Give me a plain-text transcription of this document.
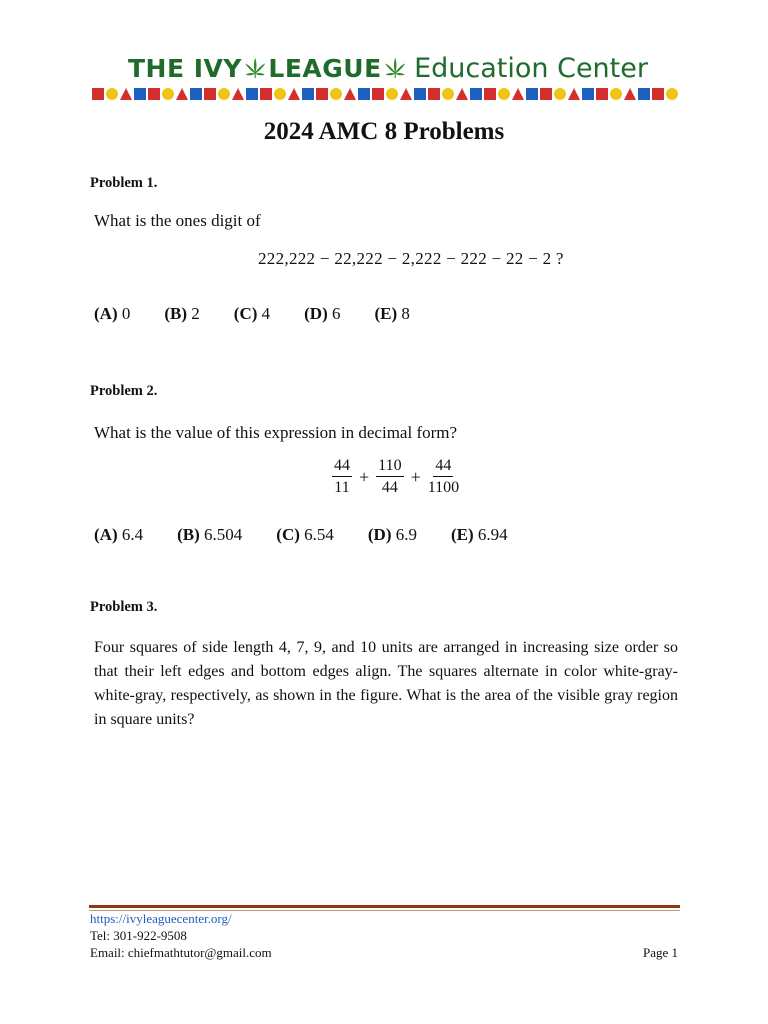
THE IVY LEAGUE Education Center
2024 AMC 8 Problems

Problem 1.

What is the ones digit of

222,222 − 22,222 − 2,222 − 222 − 22 − 2 ?
(A) 0 (B) 2 (C) 4 (D) 6 (E) 8

Problem 2.

What is the value of this expression in decimal form?

$\frac{44}{11} + \frac{110}{44} + \frac{44}{1100}$
(A) 6.4 (B) 6.504 (C) 6.54 (D) 6.9 (E) 6.94

Problem 3.

Four squares of side length 4, 7, 9, and 10 units are arranged in increasing size order so that their left edges and bottom edges align. The squares alternate in color white-gray-white-gray, respectively, as shown in the figure. What is the area of the visible gray region in square units?

https://ivyleaguecenter.org/

Tel: 301-922-9508

Email: chiefmathtutor@gmail.com	Page 1
